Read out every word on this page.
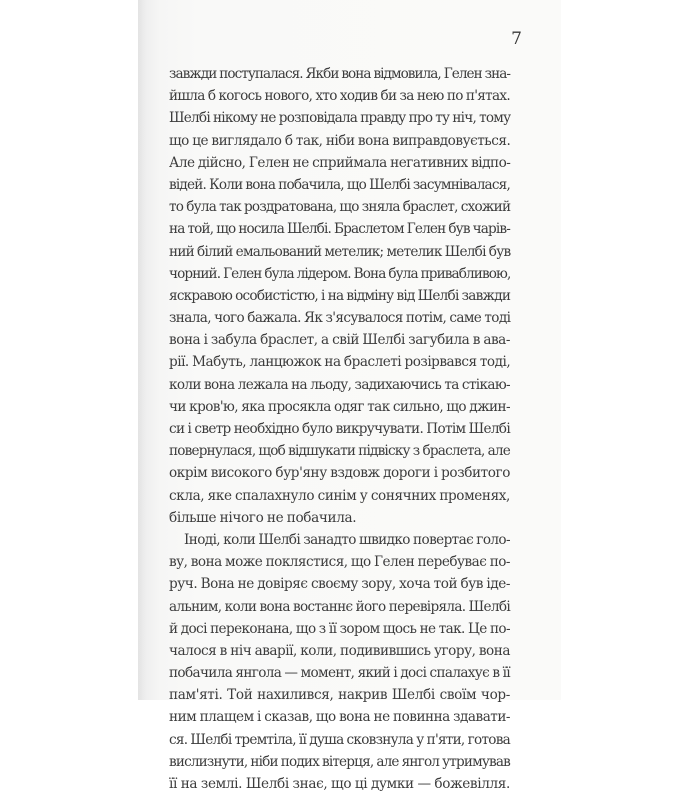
7
завжди поступалася. Якби вона відмовила, Гелен зна-
йшла б когось нового, хто ходив би за нею по п'ятах.
Шелбі нікому не розповідала правду про ту ніч, тому
що це виглядало б так, ніби вона виправдовується.
Але дійсно, Гелен не сприймала негативних відпо-
відей. Коли вона побачила, що Шелбі засумнівалася,
то була так роздратована, що зняла браслет, схожий
на той, що носила Шелбі. Браслетом Гелен був чарів-
ний білий емальований метелик; метелик Шелбі був
чорний. Гелен була лідером. Вона була привабливою,
яскравою особистістю, і на відміну від Шелбі завжди
знала, чого бажала. Як з'ясувалося потім, саме тоді
вона і забула браслет, а свій Шелбі загубила в ава-
рії. Мабуть, ланцюжок на браслеті розірвався тоді,
коли вона лежала на льоду, задихаючись та стікаю-
чи кров'ю, яка просякла одяг так сильно, що джин-
си і светр необхідно було викручувати. Потім Шелбі
повернулася, щоб відшукати підвіску з браслета, але
окрім високого бур'яну вздовж дороги і розбитого
скла, яке спалахнуло синім у сонячних променях,
більше нічого не побачила.
Іноді, коли Шелбі занадто швидко повертає голо-
ву, вона може поклястися, що Гелен перебуває по-
руч. Вона не довіряє своєму зору, хоча той був іде-
альним, коли вона востаннє його перевіряла. Шелбі
й досі переконана, що з її зором щось не так. Це по-
чалося в ніч аварії, коли, подивившись угору, вона
побачила янгола — момент, який і досі спалахує в її
пам'яті. Той нахилився, накрив Шелбі своїм чор-
ним плащем і сказав, що вона не повинна здавати-
ся. Шелбі тремтіла, її душа сковзнула у п'яти, готова
вислизнути, ніби подих вітерця, але янгол утримував
її на землі. Шелбі знає, що ці думки — божевілля.
